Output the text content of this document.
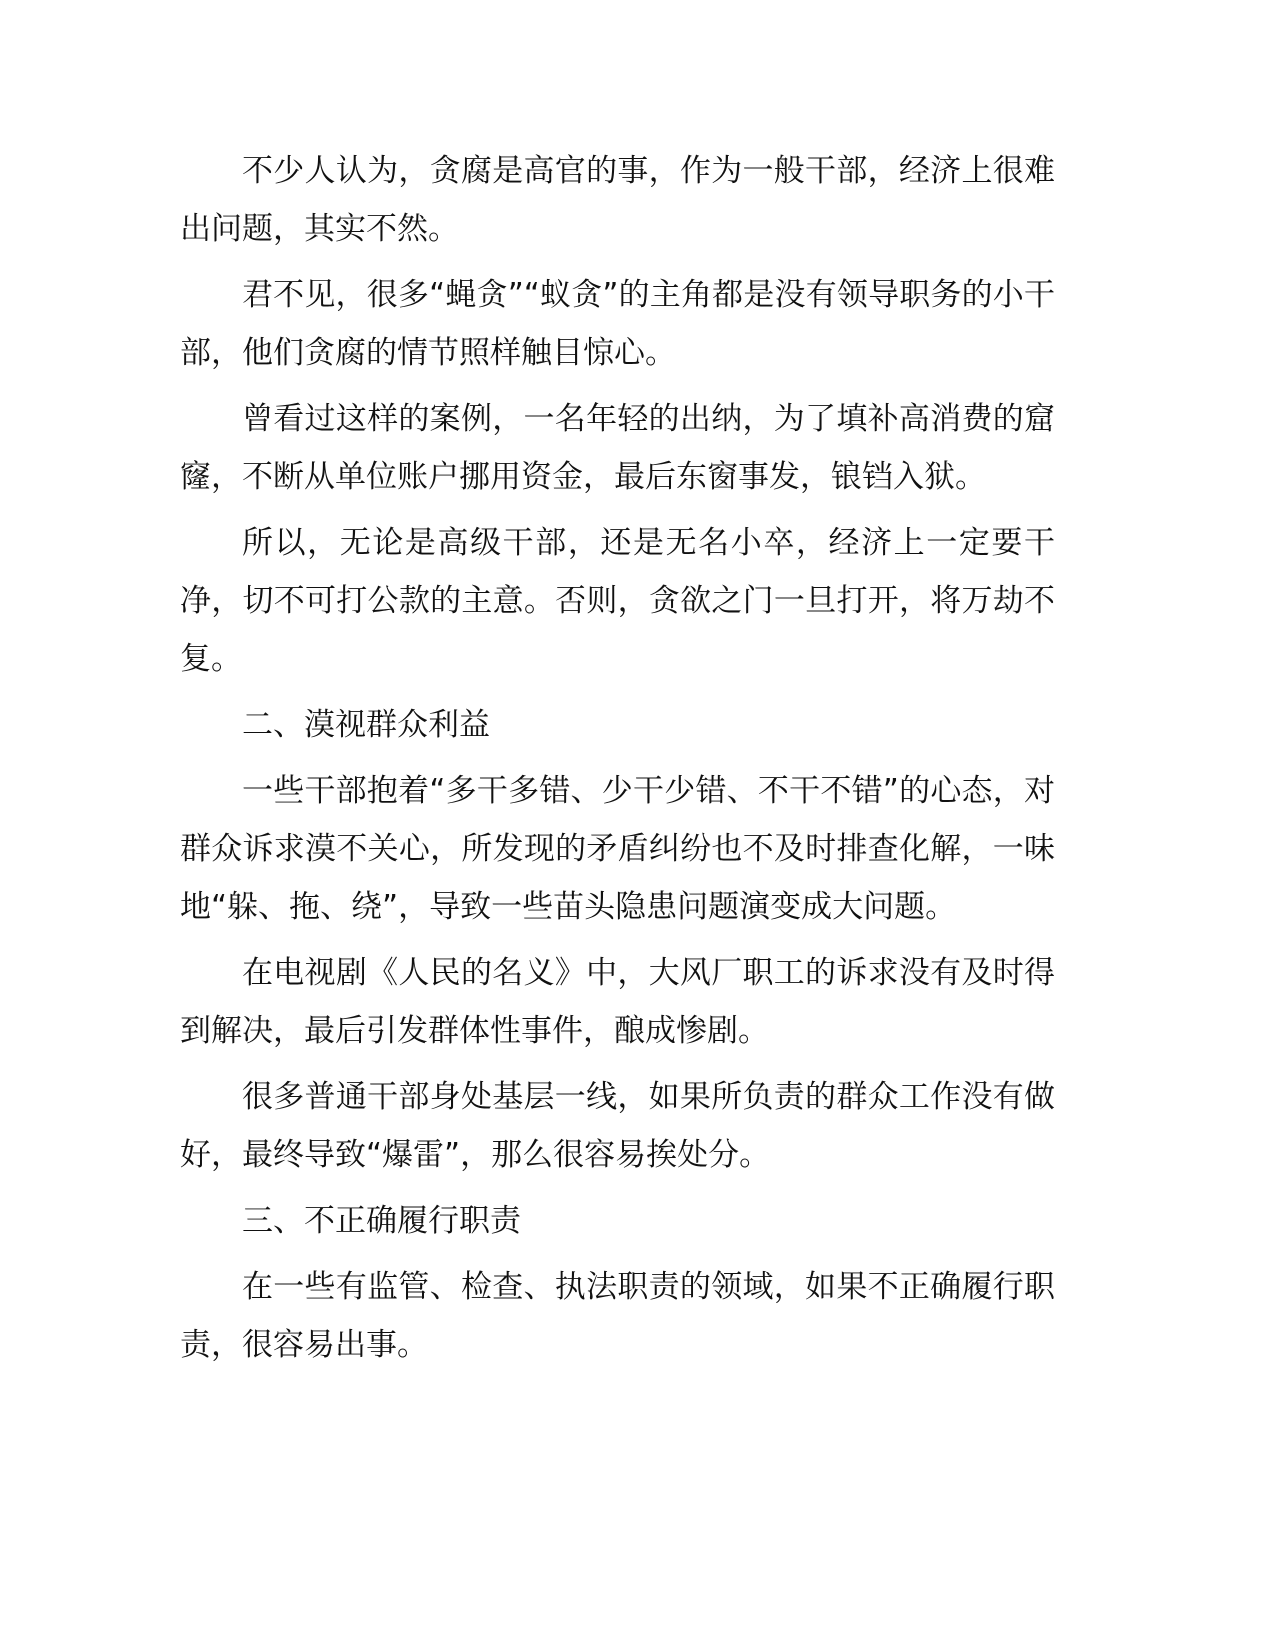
不少人认为，贪腐是高官的事，作为一般干部，经济上很难出问题，其实不然。

君不见，很多“蝇贪”“蚁贪”的主角都是没有领导职务的小干部，他们贪腐的情节照样触目惊心。

曾看过这样的案例，一名年轻的出纳，为了填补高消费的窟窿，不断从单位账户挪用资金，最后东窗事发，锒铛入狱。

所以，无论是高级干部，还是无名小卒，经济上一定要干净，切不可打公款的主意。否则，贪欲之门一旦打开，将万劫不复。

二、漠视群众利益

一些干部抱着“多干多错、少干少错、不干不错”的心态，对群众诉求漠不关心，所发现的矛盾纠纷也不及时排查化解，一味地“躲、拖、绕”，导致一些苗头隐患问题演变成大问题。

在电视剧《人民的名义》中，大风厂职工的诉求没有及时得到解决，最后引发群体性事件，酿成惨剧。

很多普通干部身处基层一线，如果所负责的群众工作没有做好，最终导致“爆雷”，那么很容易挨处分。

三、不正确履行职责

在一些有监管、检查、执法职责的领域，如果不正确履行职责，很容易出事。
